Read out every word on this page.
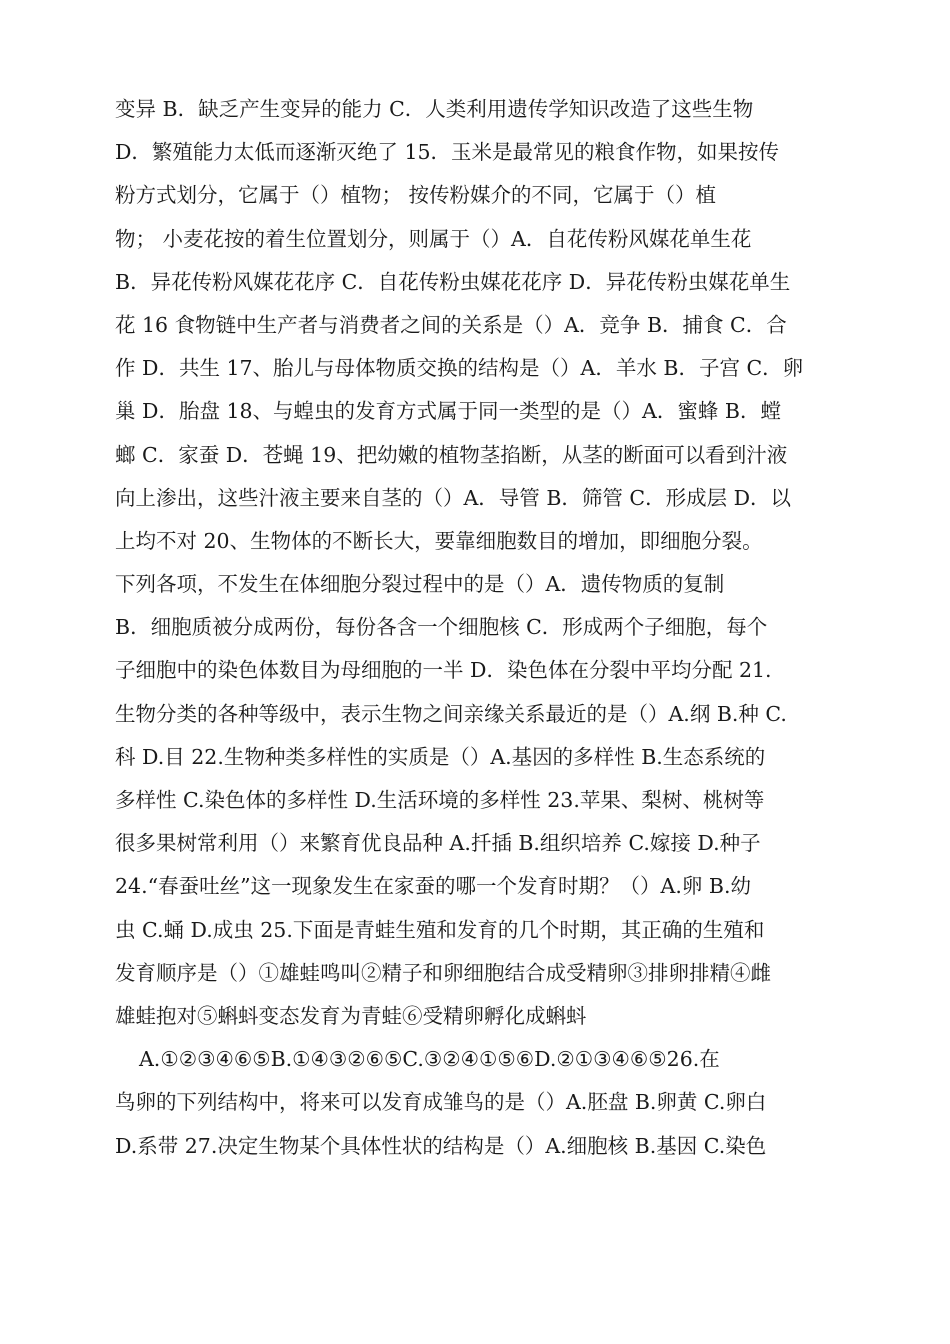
变异 B．缺乏产生变异的能力 C．人类利用遗传学知识改造了这些生物
D．繁殖能力太低而逐渐灭绝了 15．玉米是最常见的粮食作物，如果按传
粉方式划分，它属于（）植物； 按传粉媒介的不同，它属于（）植
物； 小麦花按的着生位置划分，则属于（）A．自花传粉风媒花单生花
B．异花传粉风媒花花序 C．自花传粉虫媒花花序 D．异花传粉虫媒花单生
花 16 食物链中生产者与消费者之间的关系是（）A．竞争 B．捕食 C．合
作 D．共生 17、胎儿与母体物质交换的结构是（）A．羊水 B．子宫 C．卵
巢 D．胎盘 18、与蝗虫的发育方式属于同一类型的是（）A．蜜蜂 B．螳
螂 C．家蚕 D．苍蝇 19、把幼嫩的植物茎掐断，从茎的断面可以看到汁液
向上渗出，这些汁液主要来自茎的（）A．导管 B．筛管 C．形成层 D．以
上均不对 20、生物体的不断长大，要靠细胞数目的增加，即细胞分裂。
下列各项，不发生在体细胞分裂过程中的是（）A．遗传物质的复制
B．细胞质被分成两份，每份各含一个细胞核 C．形成两个子细胞，每个
子细胞中的染色体数目为母细胞的一半 D．染色体在分裂中平均分配 21.
生物分类的各种等级中，表示生物之间亲缘关系最近的是（）A.纲 B.种 C.
科 D.目 22.生物种类多样性的实质是（）A.基因的多样性 B.生态系统的
多样性 C.染色体的多样性 D.生活环境的多样性 23.苹果、梨树、桃树等
很多果树常利用（）来繁育优良品种 A.扦插 B.组织培养 C.嫁接 D.种子
24.“春蚕吐丝”这一现象发生在家蚕的哪一个发育时期？（）A.卵 B.幼
虫 C.蛹 D.成虫 25.下面是青蛙生殖和发育的几个时期，其正确的生殖和
发育顺序是（）①雄蛙鸣叫②精子和卵细胞结合成受精卵③排卵排精④雌
雄蛙抱对⑤蝌蚪变态发育为青蛙⑥受精卵孵化成蝌蚪
A.①②③④⑥⑤B.①④③②⑥⑤C.③②④①⑤⑥D.②①③④⑥⑤26.在
鸟卵的下列结构中，将来可以发育成雏鸟的是（）A.胚盘 B.卵黄 C.卵白
D.系带 27.决定生物某个具体性状的结构是（）A.细胞核 B.基因 C.染色
